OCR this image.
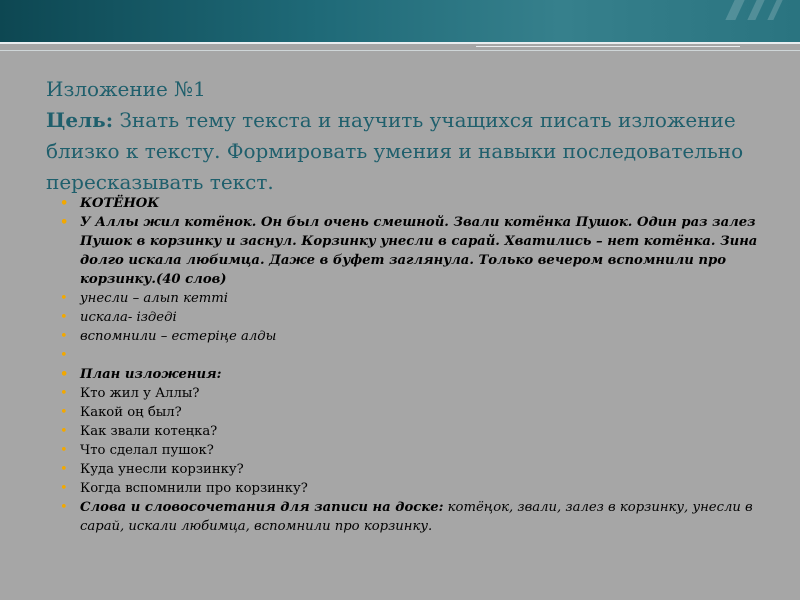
Изложение №1
Цель: Знать тему текста и научить учащихся писать изложение близко к тексту. Формировать умения и навыки последовательно пересказывать текст.
• КОТЁНОК
• У Аллы жил котёнок. Он был очень смешной. Звали котёнка Пушок. Один раз залез Пушок в корзинку и заснул. Корзинку унесли в сарай. Хватились – нет котёнка. Зина долго искала любимца. Даже в буфет заглянула. Только вечером вспомнили про корзинку.(40 слов)
• унесли – алып кетті
• искала- іздеді
• вспомнили – естеріңе алды
•
• План изложения:
• Кто жил у Аллы?
• Какой оң был?
• Как звали котеңка?
• Что сделал пушок?
• Куда унесли корзинку?
• Когда вспомнили про корзинку?
• Слова и словосочетания для записи на доске: котёңок, звали, залез в корзинку, унесли в сарай, искали любимца, вспомнили про корзинку.
